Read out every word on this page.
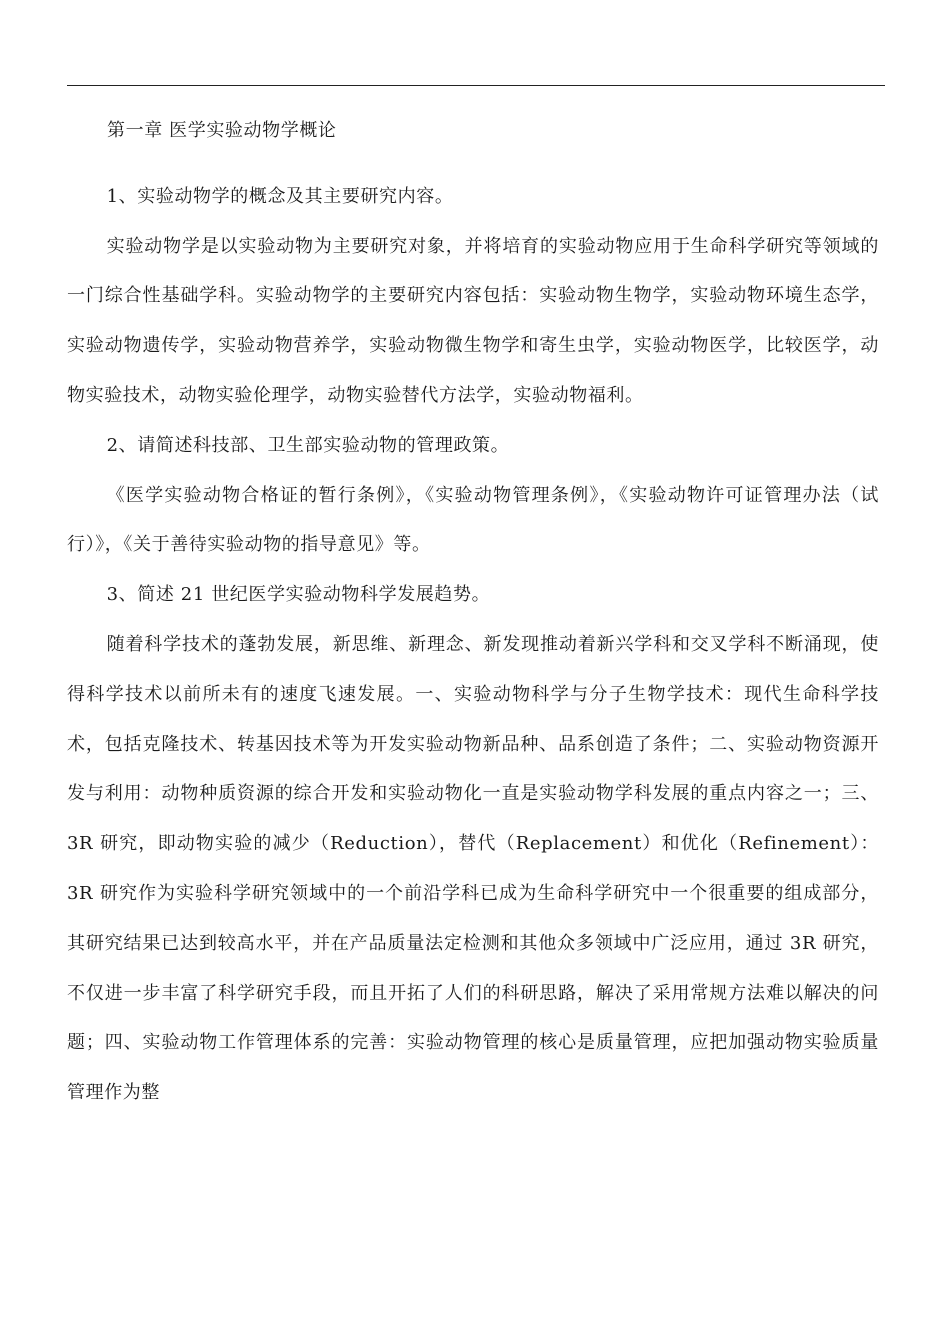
第一章 医学实验动物学概论

1、实验动物学的概念及其主要研究内容。

实验动物学是以实验动物为主要研究对象，并将培育的实验动物应用于生命科学研究等领域的一门综合性基础学科。实验动物学的主要研究内容包括：实验动物生物学，实验动物环境生态学，实验动物遗传学，实验动物营养学，实验动物微生物学和寄生虫学，实验动物医学，比较医学，动物实验技术，动物实验伦理学，动物实验替代方法学，实验动物福利。

2、请简述科技部、卫生部实验动物的管理政策。

《医学实验动物合格证的暂行条例》，《实验动物管理条例》，《实验动物许可证管理办法（试行）》，《关于善待实验动物的指导意见》等。

3、简述 21 世纪医学实验动物科学发展趋势。

随着科学技术的蓬勃发展，新思维、新理念、新发现推动着新兴学科和交叉学科不断涌现，使得科学技术以前所未有的速度飞速发展。一、实验动物科学与分子生物学技术：现代生命科学技术，包括克隆技术、转基因技术等为开发实验动物新品种、品系创造了条件；二、实验动物资源开发与利用：动物种质资源的综合开发和实验动物化一直是实验动物学科发展的重点内容之一；三、3R 研究，即动物实验的减少（Reduction），替代（Replacement）和优化（Refinement）：3R 研究作为实验科学研究领域中的一个前沿学科已成为生命科学研究中一个很重要的组成部分，其研究结果已达到较高水平，并在产品质量法定检测和其他众多领域中广泛应用，通过 3R 研究，不仅进一步丰富了科学研究手段，而且开拓了人们的科研思路，解决了采用常规方法难以解决的问题；四、实验动物工作管理体系的完善：实验动物管理的核心是质量管理，应把加强动物实验质量管理作为整
